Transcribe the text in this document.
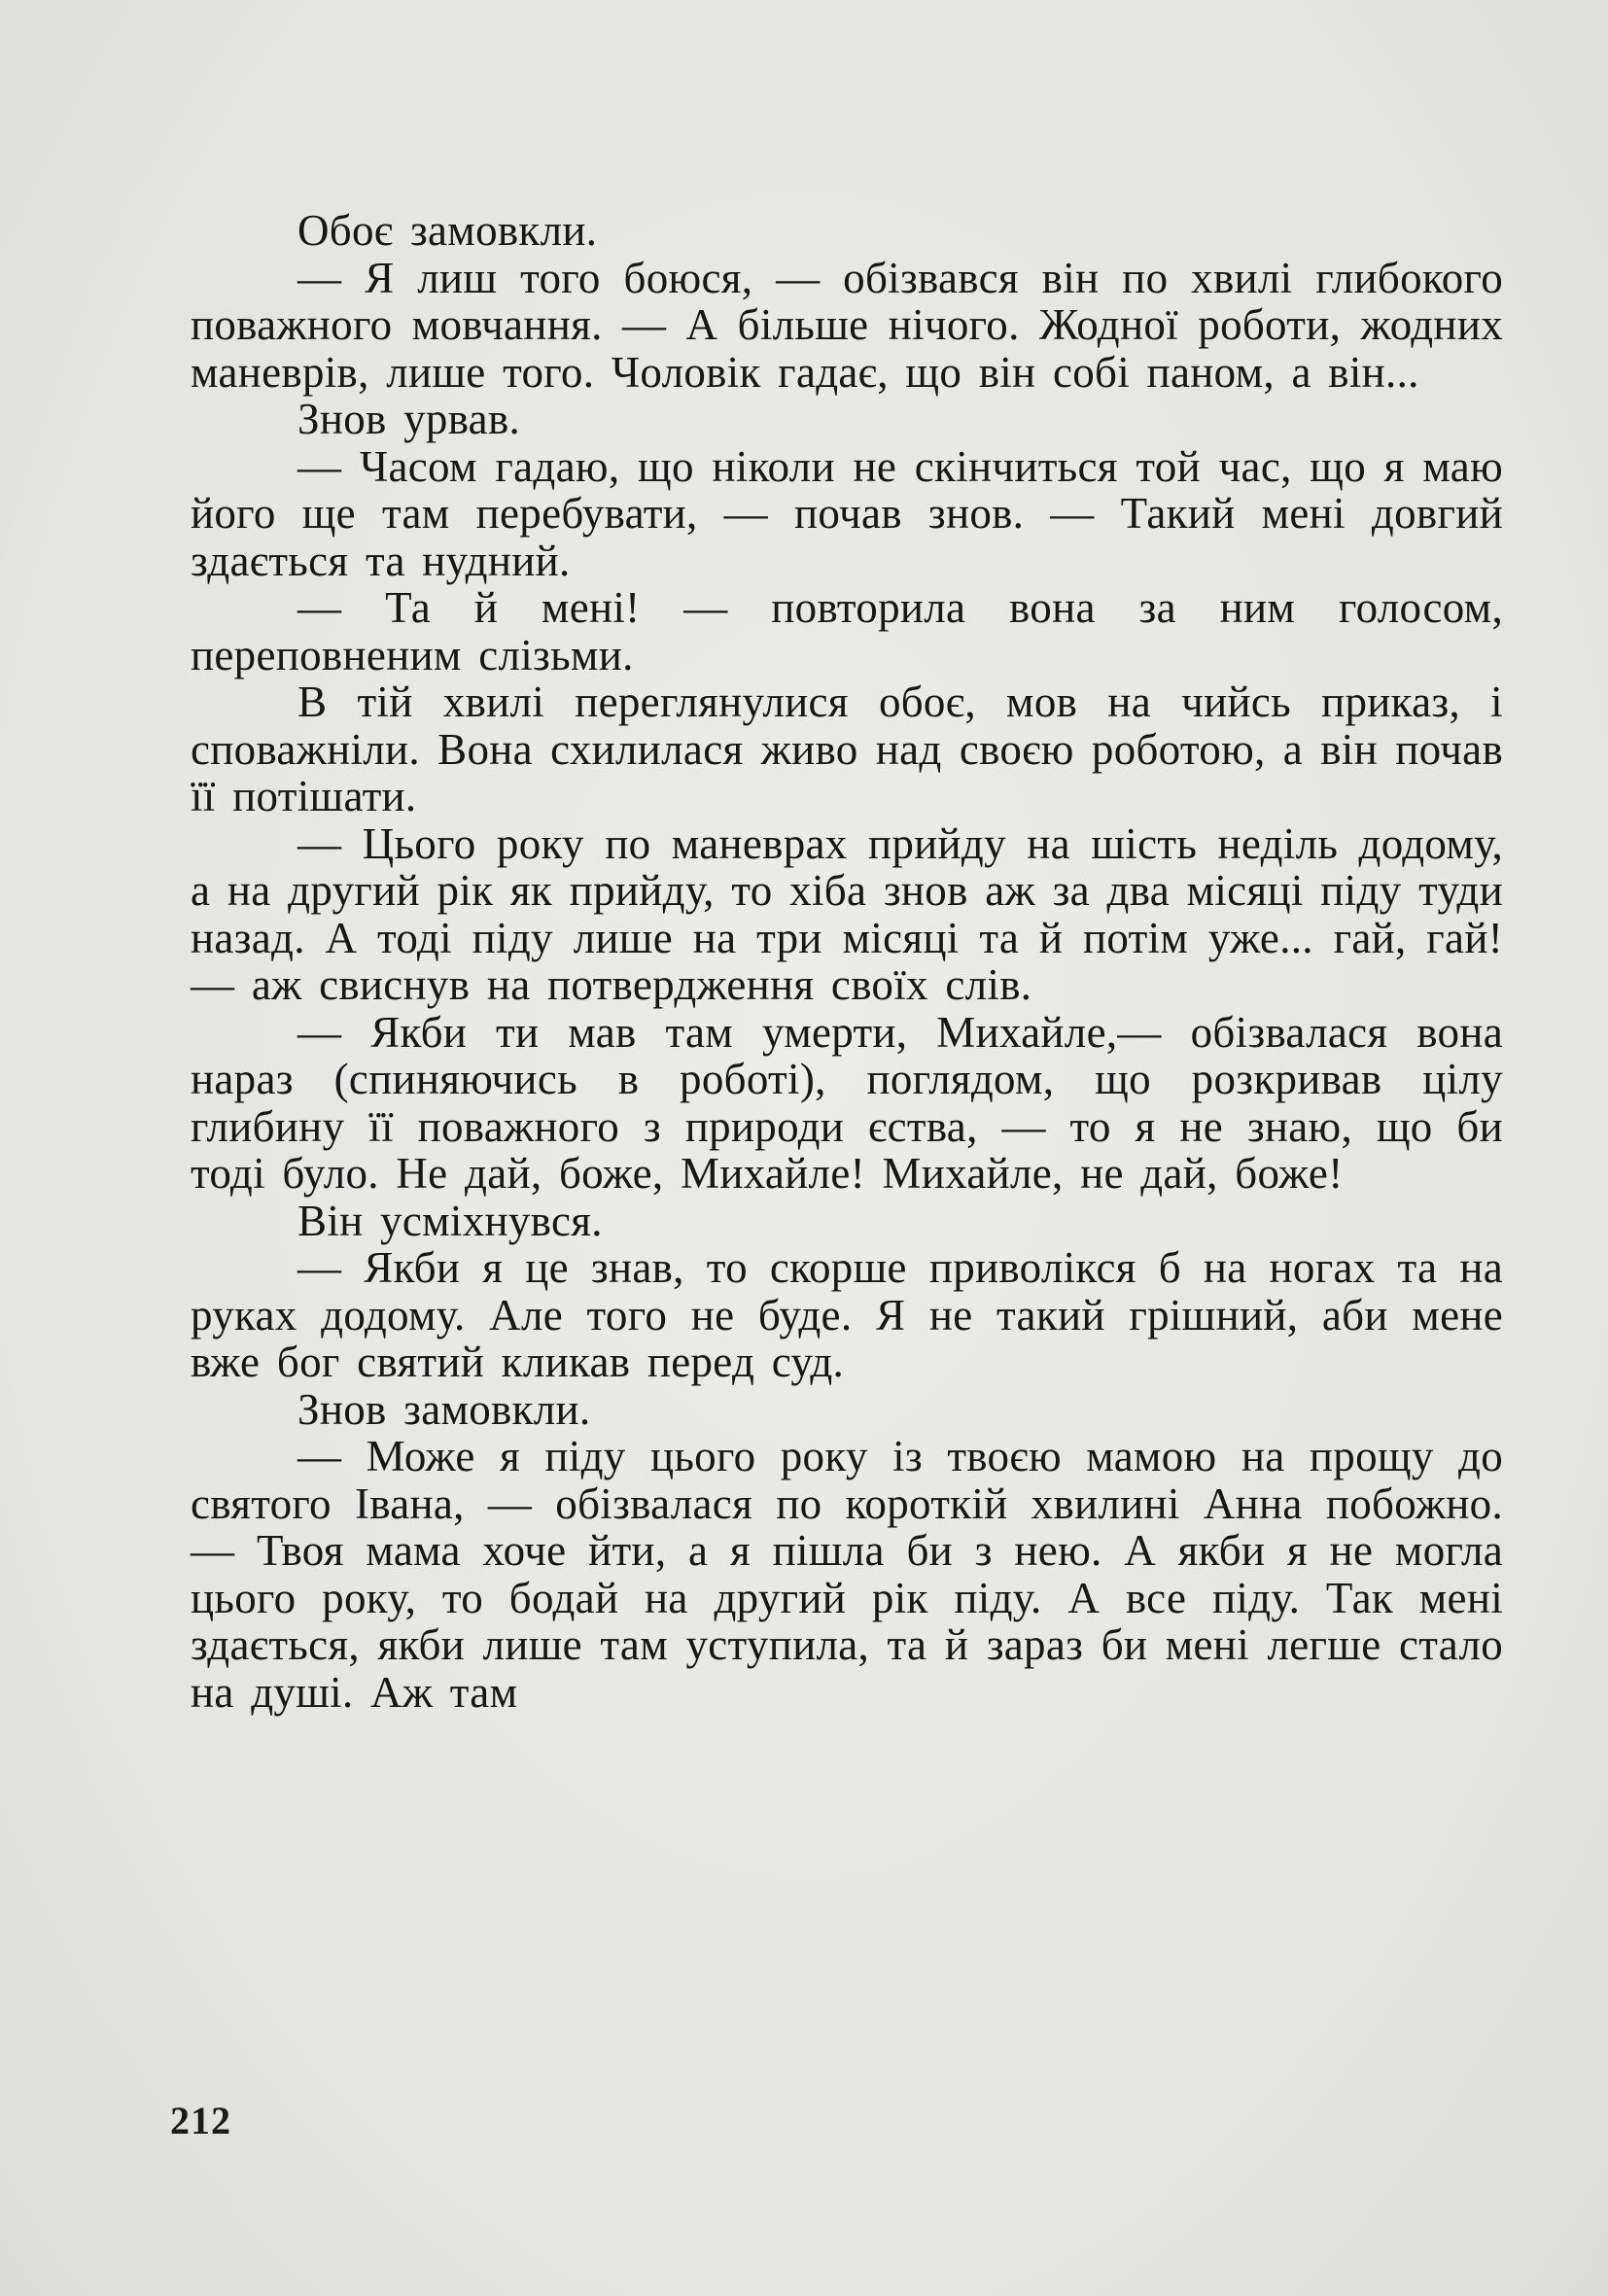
Обоє замовкли.

— Я лиш того боюся, — обізвався він по хвилі глибокого поважного мовчання. — А більше нічого. Жодної роботи, жодних маневрів, лише того. Чоловік гадає, що він собі паном, а він...

Знов урвав.

— Часом гадаю, що ніколи не скінчиться той час, що я маю його ще там перебувати, — почав знов. — Такий мені довгий здається та нудний.

— Та й мені! — повторила вона за ним голосом, переповненим слізьми.

В тій хвилі переглянулися обоє, мов на чийсь приказ, і споважніли. Вона схилилася живо над своєю роботою, а він почав її потішати.

— Цього року по маневрах прийду на шість неділь додому, а на другий рік як прийду, то хіба знов аж за два місяці піду туди назад. А тоді піду лише на три місяці та й потім уже... гай, гай! — аж свиснув на потвердження своїх слів.

— Якби ти мав там умерти, Михайле,— обізвалася вона нараз (спиняючись в роботі), поглядом, що розкривав цілу глибину її поважного з природи єства, — то я не знаю, що би тоді було. Не дай, боже, Михайле! Михайле, не дай, боже!

Він усміхнувся.

— Якби я це знав, то скорше приволікся б на ногах та на руках додому. Але того не буде. Я не такий грішний, аби мене вже бог святий кликав перед суд.

Знов замовкли.

— Може я піду цього року із твоєю мамою на прощу до святого Івана, — обізвалася по короткій хвилині Анна побожно. — Твоя мама хоче йти, а я пішла би з нею. А якби я не могла цього року, то бодай на другий рік піду. А все піду. Так мені здається, якби лише там уступила, та й зараз би мені легше стало на душі. Аж там

212
